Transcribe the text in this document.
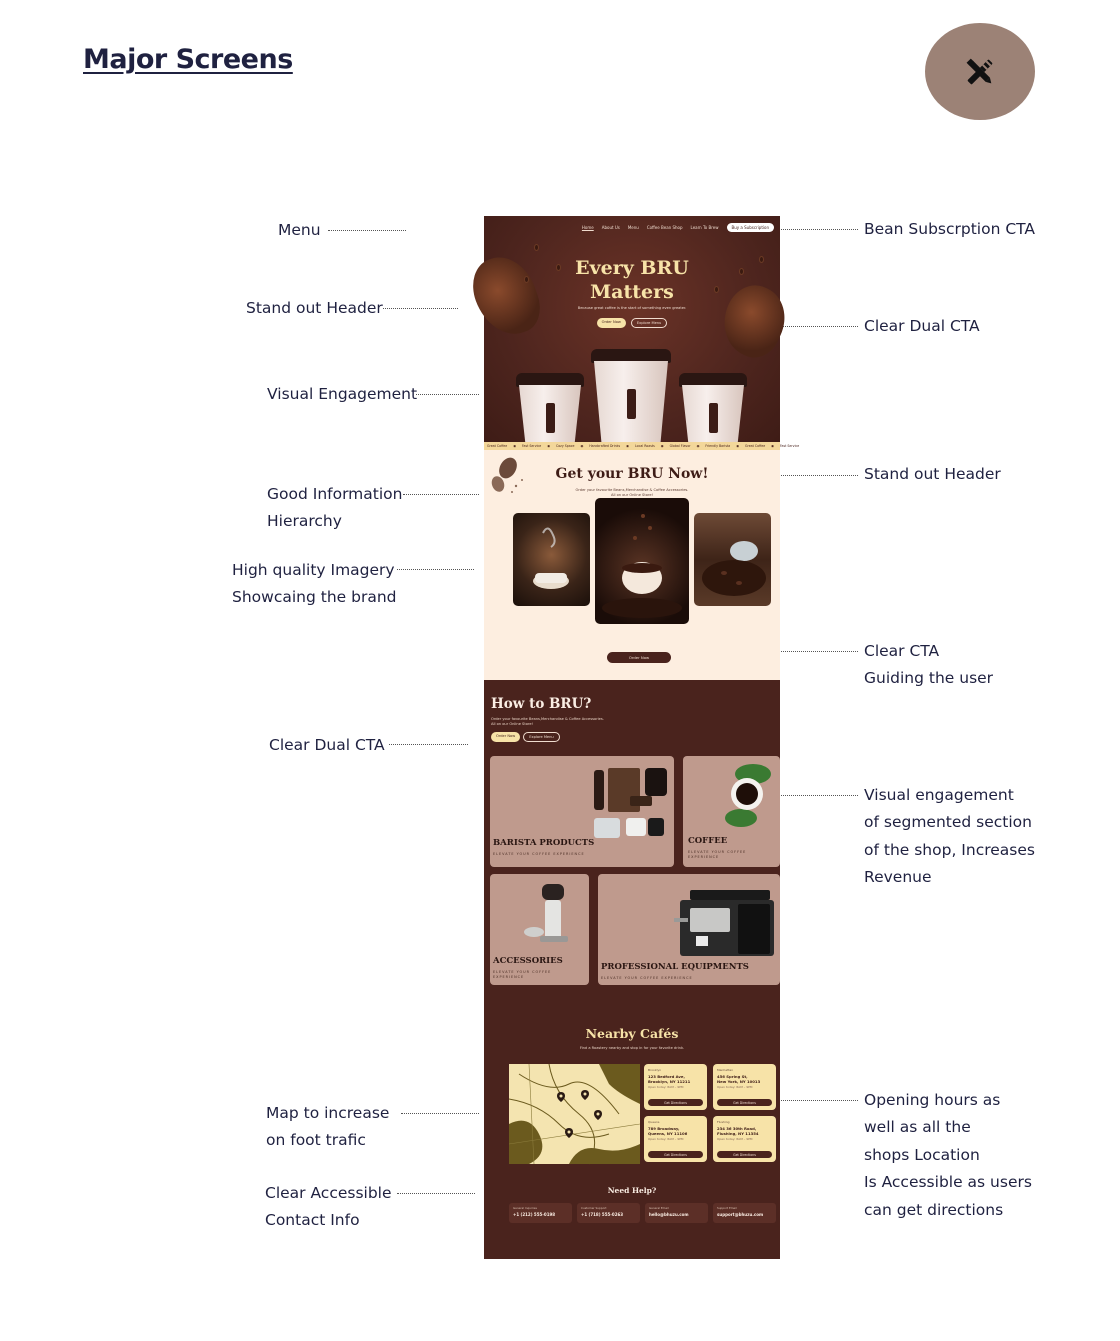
Major Screens
Menu
Stand out Header
Visual Engagement
Good Information
Hierarchy
High quality Imagery
Showcaing the brand
Clear Dual CTA
Map to increase
on foot trafic
Clear Accessible
Contact Info
Bean Subscrption CTA
Clear Dual CTA
Stand out Header
Clear CTA
Guiding the user
Visual engagement
of segmented section
of the shop, Increases
Revenue
Opening hours as
well as all the
shops Location
Is Accessible as users
can get directions
Home About Us Menu Coffee Bean Shop Learn To Brew	Buy a Subscription
Every BRU
Matters
Because great coffee is the start of something even greater.
Order Now	Explore Menu
Great Coffee ◉ Fast Service ◉ Cozy Space ◉ Handcrafted Drinks ◉ Local Roasts ◉ Global Flavor ◉ Friendly Barista ◉ Great Coffee ◉ Fast Service
Get your BRU Now!
Order your favourite Beans,Merchandise & Coffee Accessories.
All on our Online Store!
Order Now
How to BRU?
Order your favourite Beans,Merchandise & Coffee Accessories.
All on our Online Store!
Order Now	Explore Menu
BARISTA PRODUCTS
ELEVATE YOUR COFFEE EXPERIENCE
COFFEE
ELEVATE YOUR COFFEE EXPERIENCE
ACCESSORIES
ELEVATE YOUR COFFEE EXPERIENCE
PROFESSIONAL EQUIPMENTS
ELEVATE YOUR COFFEE EXPERIENCE
Nearby Cafés
Find a Roastery nearby and stop in for your favorite drink.
Brooklyn
123 Bedford Ave,
Brooklyn, NY 11211
Open today: 8AM – 9PM
Get Directions
Manhattan
456 Spring St,
New York, NY 10013
Open today: 8AM – 9PM
Get Directions
Queens
789 Broadway,
Queens, NY 11106
Open today: 8AM – 9PM
Get Directions
Flushing
234 36 30th Road,
Flushing, NY 11354
Open today: 8AM – 9PM
Get Directions
Need Help?
General Inquiries
+1 (212) 555-0198
Customer Support
+1 (718) 555-0263
General Email
hello@bhuzu.com
Support Email
support@bhuzu.com
